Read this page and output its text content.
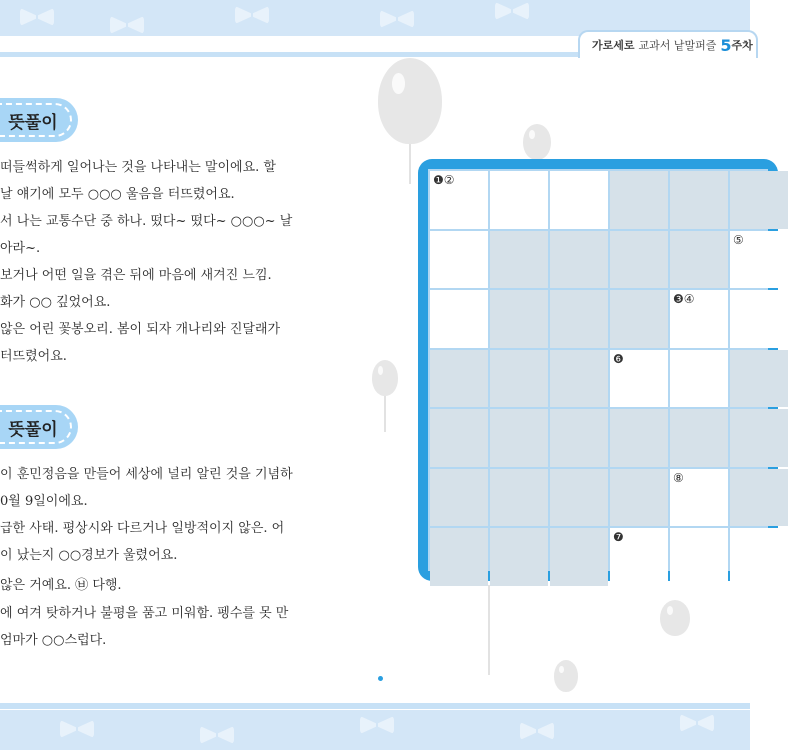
가로세로 교과서 낱말퍼즐 5 주차
뜻풀이
떠들썩하게 일어나는 것을 나타내는 말이에요. 할
날 얘기에 모두 ○○○ 울음을 터뜨렸어요.
서 나는 교통수단 중 하나. 떴다~ 떴다~ ○○○~ 날
아라~.
보거나 어떤 일을 겪은 뒤에 마음에 새겨진 느낌.
화가 ○○ 깊었어요.
않은 어린 꽃봉오리. 봄이 되자 개나리와 진달래가
터뜨렸어요.
뜻풀이
이 훈민정음을 만들어 세상에 널리 알린 것을 기념하
0월 9일이에요.
급한 사태. 평상시와 다르거나 일방적이지 않은. 어
이 났는지 ○○경보가 울렸어요.
않은 거예요. ㉥ 다행.
에 여겨 탓하거나 불평을 품고 미워함. 펭수를 못 만
엄마가 ○○스럽다.
❶②
⑤
❸④
❻
⑧
❼
